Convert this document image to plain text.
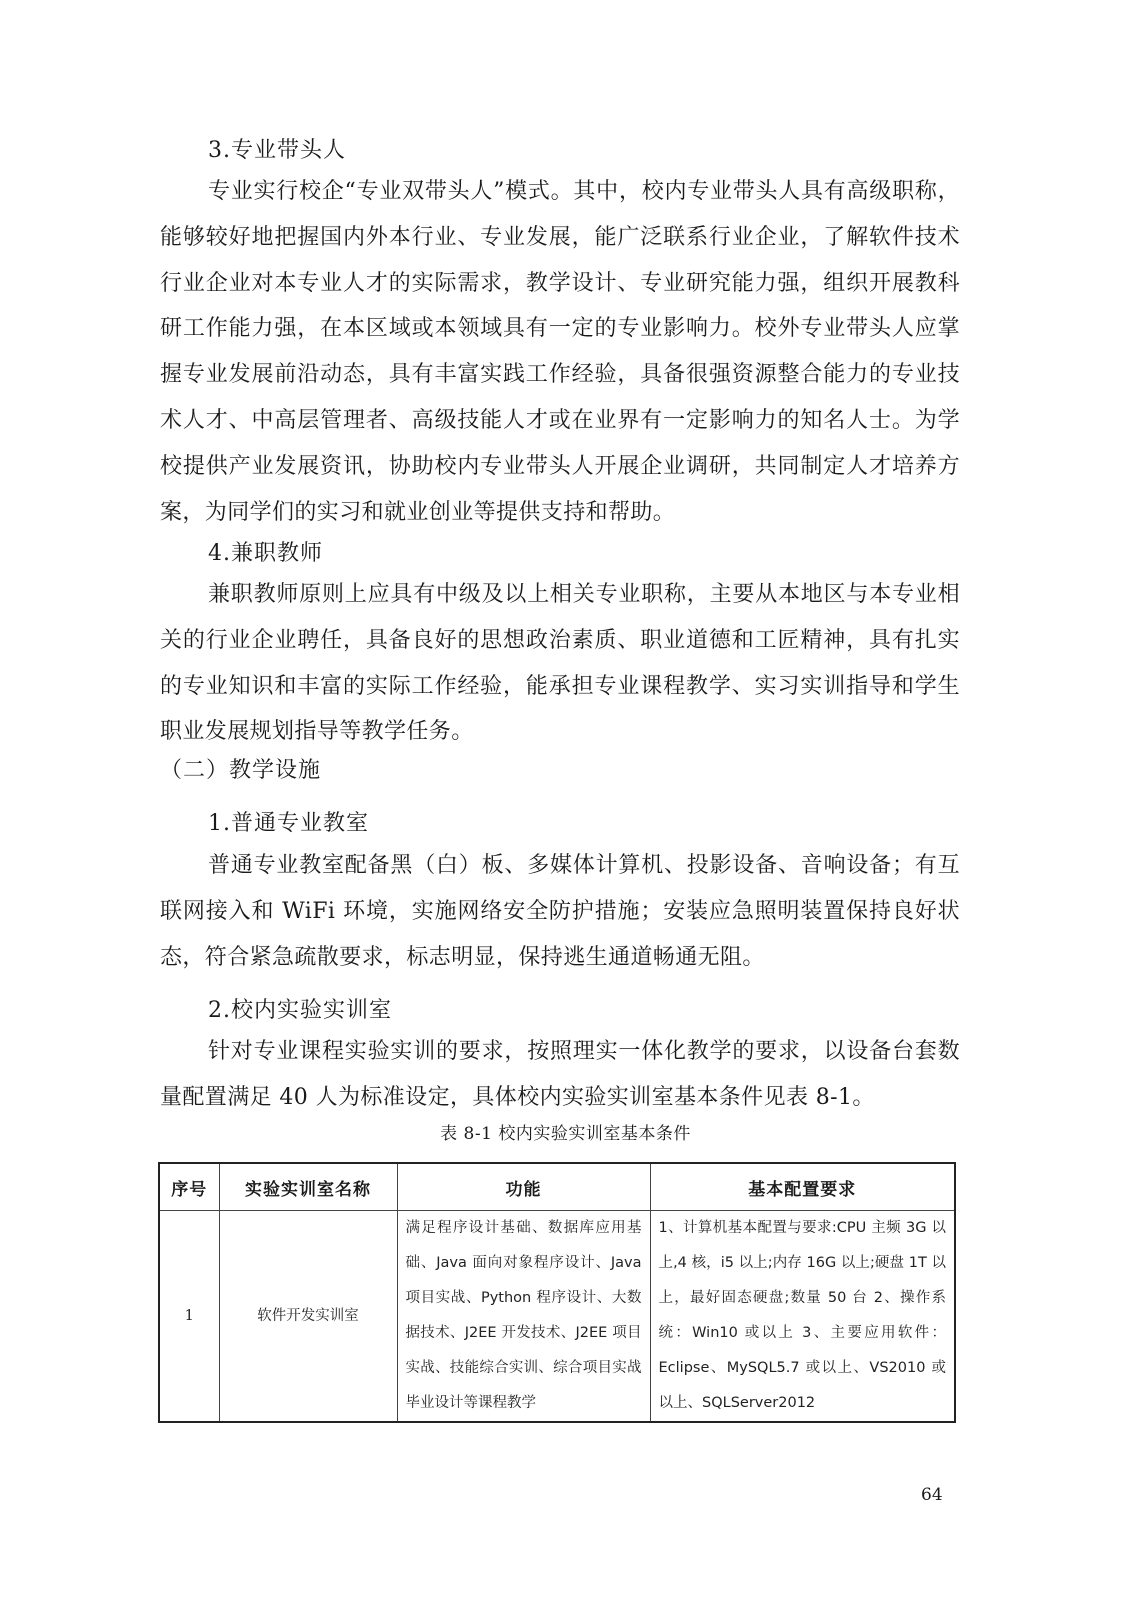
3.专业带头人

专业实行校企“专业双带头人”模式。其中，校内专业带头人具有高级职称，能够较好地把握国内外本行业、专业发展，能广泛联系行业企业，了解软件技术行业企业对本专业人才的实际需求，教学设计、专业研究能力强，组织开展教科研工作能力强，在本区域或本领域具有一定的专业影响力。校外专业带头人应掌握专业发展前沿动态，具有丰富实践工作经验，具备很强资源整合能力的专业技术人才、中高层管理者、高级技能人才或在业界有一定影响力的知名人士。为学校提供产业发展资讯，协助校内专业带头人开展企业调研，共同制定人才培养方案，为同学们的实习和就业创业等提供支持和帮助。

4.兼职教师

兼职教师原则上应具有中级及以上相关专业职称，主要从本地区与本专业相关的行业企业聘任，具备良好的思想政治素质、职业道德和工匠精神，具有扎实的专业知识和丰富的实际工作经验，能承担专业课程教学、实习实训指导和学生职业发展规划指导等教学任务。

（二）教学设施
1.普通专业教室

普通专业教室配备黑（白）板、多媒体计算机、投影设备、音响设备；有互联网接入和 WiFi 环境，实施网络安全防护措施；安装应急照明装置保持良好状态，符合紧急疏散要求，标志明显，保持逃生通道畅通无阻。

2.校内实验实训室

针对专业课程实验实训的要求，按照理实一体化教学的要求，以设备台套数量配置满足 40 人为标准设定，具体校内实验实训室基本条件见表 8-1。

表 8-1 校内实验实训室基本条件
序号	实验实训室名称	功能	基本配置要求
1	软件开发实训室	满足程序设计基础、数据库应用基础、Java 面向对象程序设计、Java 项目实战、Python 程序设计、大数据技术、J2EE 开发技术、J2EE 项目实战、技能综合实训、综合项目实战毕业设计等课程教学	1、计算机基本配置与要求:CPU 主频 3G 以上,4 核，i5 以上;内存 16G 以上;硬盘 1T 以上，最好固态硬盘;数量 50 台 2、操作系统：Win10 或以上 3、主要应用软件：Eclipse、MySQL5.7 或以上、VS2010 或以上、SQLServer2012
64
